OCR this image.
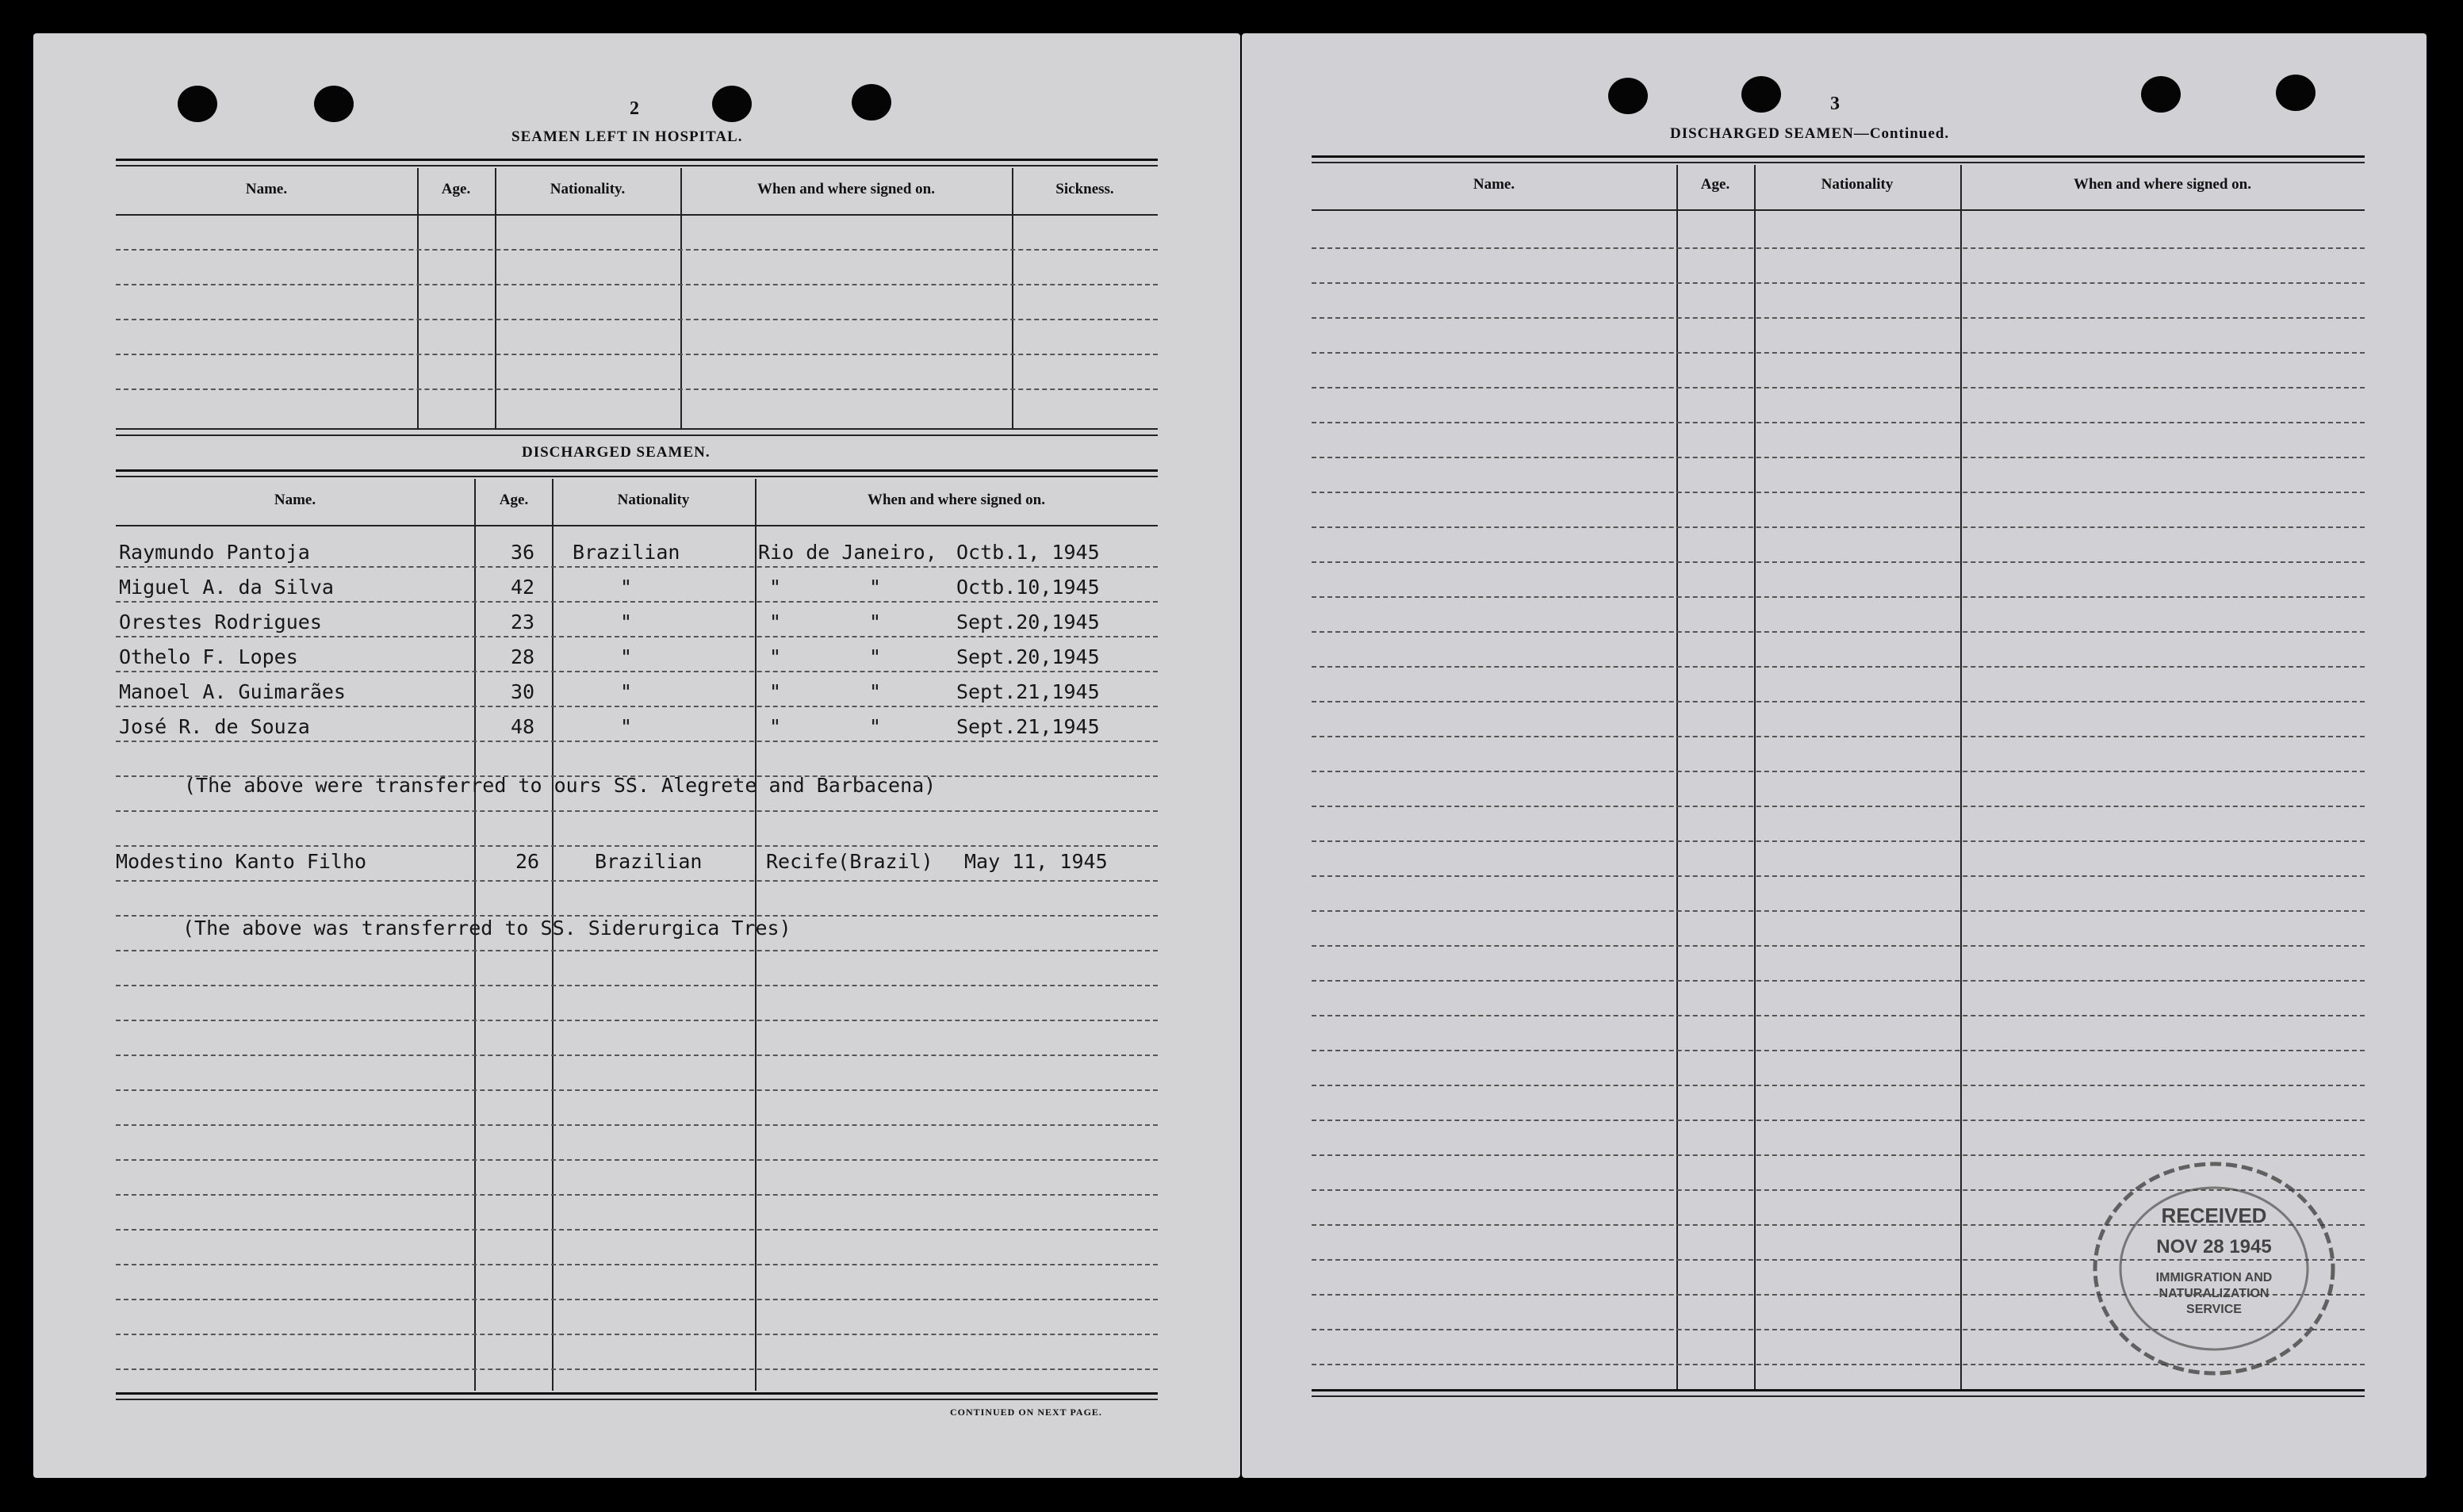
2
SEAMEN LEFT IN HOSPITAL.
Name.	Age.	Nationality.	When and where signed on.	Sickness.
DISCHARGED SEAMEN.
Name.	Age.	Nationality	When and where signed on.
CONTINUED ON NEXT PAGE.
Raymundo Pantoja	36 Brazilian	Rio de Janeiro, Octb.1, 1945
Miguel A. da Silva	42	"	"	"	Octb.10,1945
Orestes Rodrigues	23	"	"	"	Sept.20,1945
Othelo F. Lopes	28	"	"	"	Sept.20,1945
Manoel A. Guimarães	30	"	"	"	Sept.21,1945
José R. de Souza	48	"	"	"	Sept.21,1945
(The above were transferred to ours SS. Alegrete and Barbacena)
Modestino Kanto Filho	26	Brazilian	Recife(Brazil) May 11, 1945
(The above was transferred to SS. Siderurgica Tres)
3
DISCHARGED SEAMEN—Continued.
Name.	Age.	Nationality	When and where signed on.
RECEIVED
NOV 28 1945
IMMIGRATION AND
NATURALIZATION
SERVICE
